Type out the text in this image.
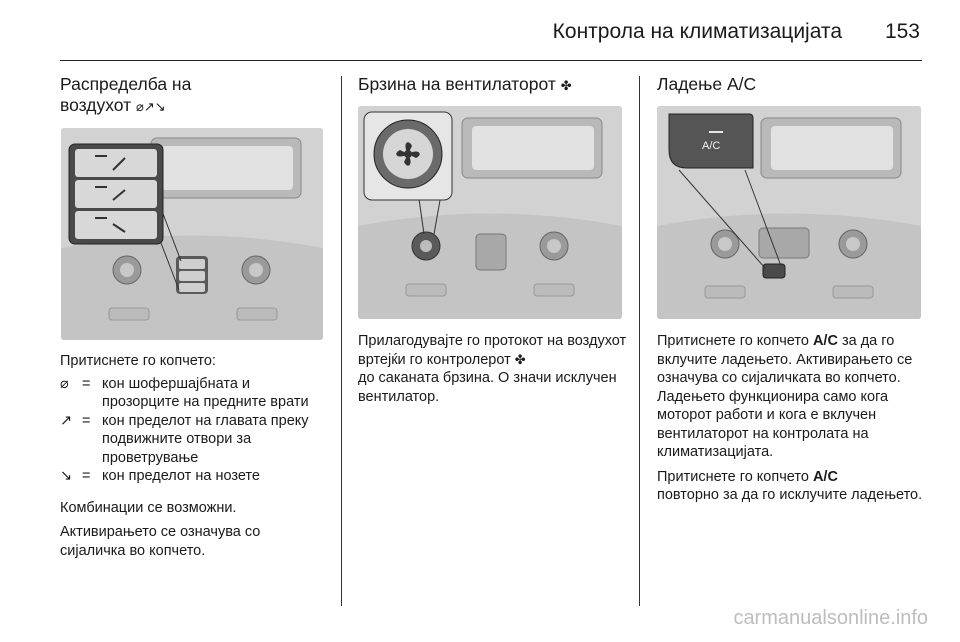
Контрола на климатизацијата 153
Распределба на
воздухот ⌀↗↘

Притиснете го копчето:

⌀ = кон шофершајбната и прозорците на предните врати
↗ = кон пределот на главата преку подвижните отвори за проветрување
↘ = кон пределот на нозете

Комбинации се возможни.

Активирањето се означува со сијаличка во копчето.

Брзина на вентилаторот ✤

Прилагодувајте го протокот на воздухот вртејќи го контролерот ✤
до саканата брзина. O значи исклучен вентилатор.

Ладење A/C
A/C

Притиснете го копчето A/C за да го вклучите ладењето. Активирањето се означува со сијаличката во копчето. Ладењето функционира само кога моторот работи и кога е вклучен вентилаторот на контролата на климатизацијата.

Притиснете го копчето A/C
повторно за да го исклучите ладењето.

carmanualsonline.info
